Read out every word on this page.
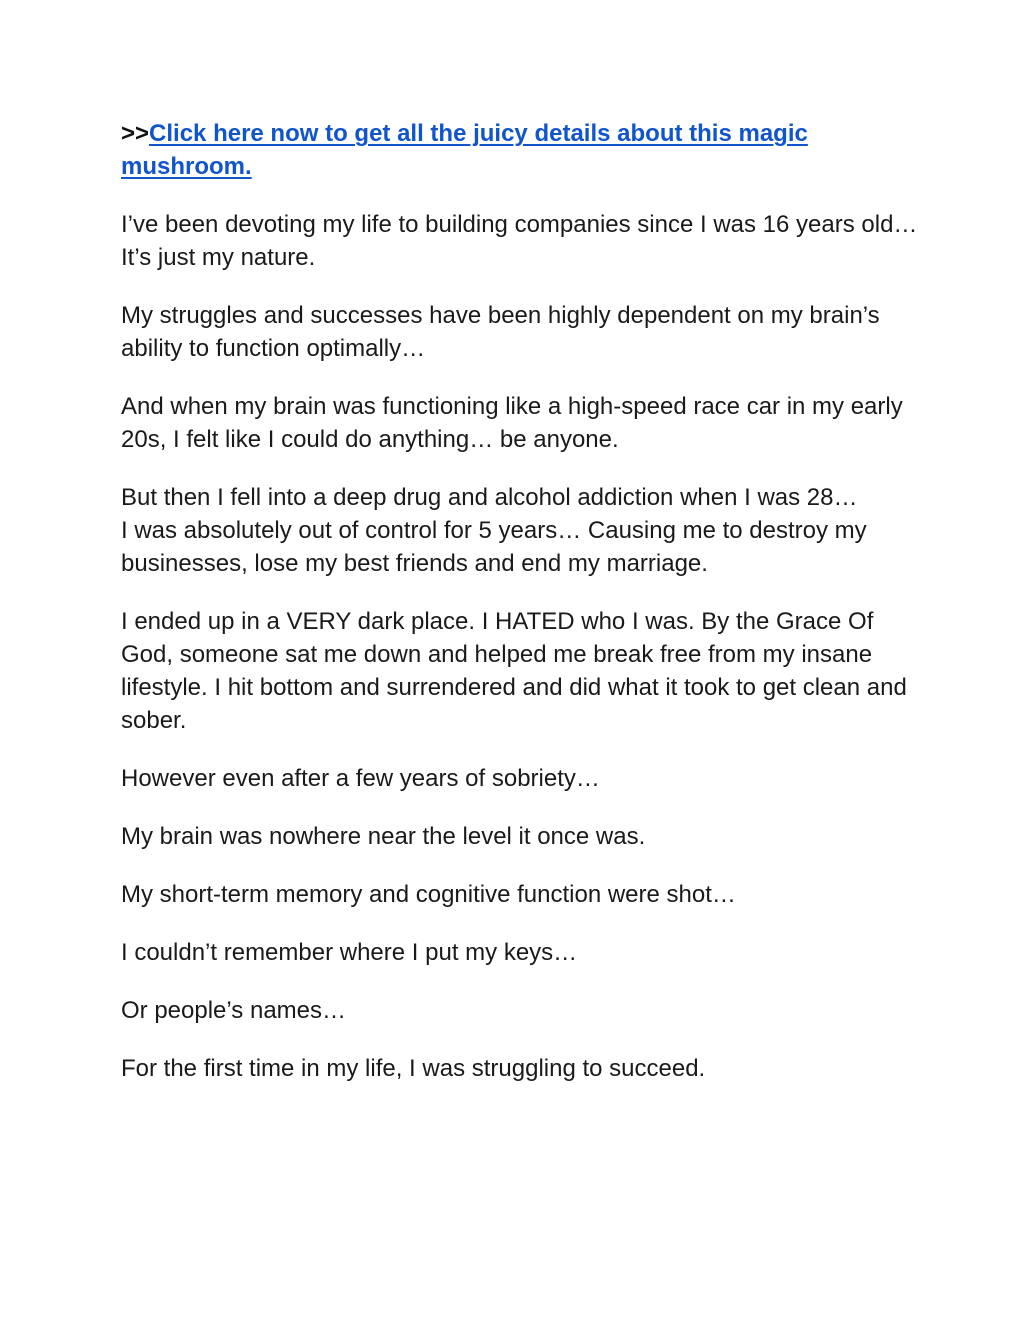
>>Click here now to get all the juicy details about this magic mushroom.

I’ve been devoting my life to building companies since I was 16 years old… It’s just my nature.

My struggles and successes have been highly dependent on my brain’s ability to function optimally…

And when my brain was functioning like a high-speed race car in my early 20s, I felt like I could do anything… be anyone.

But then I fell into a deep drug and alcohol addiction when I was 28…
I was absolutely out of control for 5 years… Causing me to destroy my businesses, lose my best friends and end my marriage.

I ended up in a VERY dark place. I HATED who I was. By the Grace Of God, someone sat me down and helped me break free from my insane lifestyle. I hit bottom and surrendered and did what it took to get clean and sober.

However even after a few years of sobriety…

My brain was nowhere near the level it once was.

My short-term memory and cognitive function were shot…

I couldn’t remember where I put my keys…

Or people’s names…

For the first time in my life, I was struggling to succeed.
